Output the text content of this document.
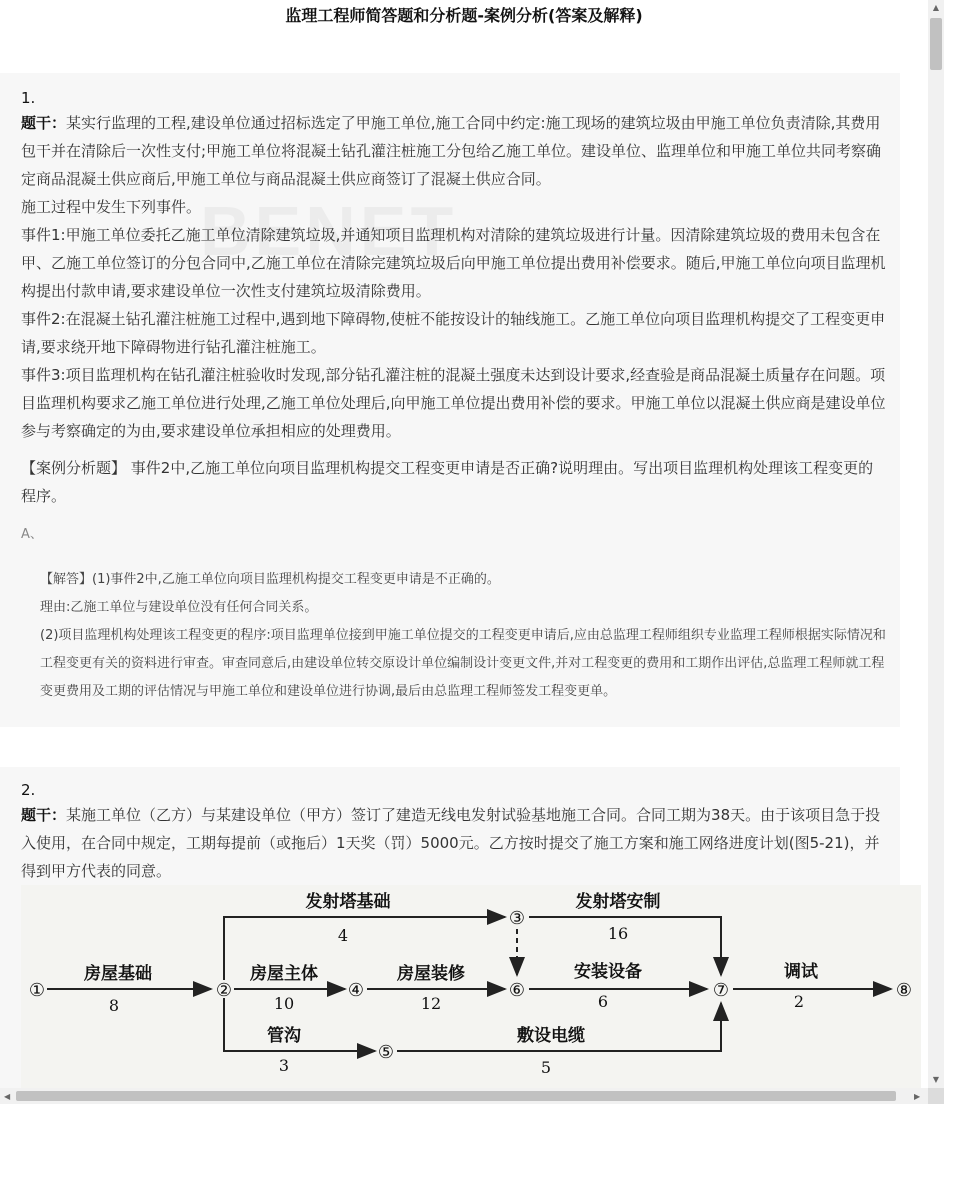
监理工程师简答题和分析题-案例分析(答案及解释)
1.

题干：某实行监理的工程,建设单位通过招标选定了甲施工单位,施工合同中约定:施工现场的建筑垃圾由甲施工单位负责清除,其费用包干并在清除后一次性支付;甲施工单位将混凝土钻孔灌注桩施工分包给乙施工单位。建设单位、监理单位和甲施工单位共同考察确定商品混凝土供应商后,甲施工单位与商品混凝土供应商签订了混凝土供应合同。

施工过程中发生下列事件。

事件1:甲施工单位委托乙施工单位清除建筑垃圾,并通知项目监理机构对清除的建筑垃圾进行计量。因清除建筑垃圾的费用未包含在甲、乙施工单位签订的分包合同中,乙施工单位在清除完建筑垃圾后向甲施工单位提出费用补偿要求。随后,甲施工单位向项目监理机构提出付款申请,要求建设单位一次性支付建筑垃圾清除费用。

事件2:在混凝土钻孔灌注桩施工过程中,遇到地下障碍物,使桩不能按设计的轴线施工。乙施工单位向项目监理机构提交了工程变更申请,要求绕开地下障碍物进行钻孔灌注桩施工。

事件3:项目监理机构在钻孔灌注桩验收时发现,部分钻孔灌注桩的混凝土强度未达到设计要求,经查验是商品混凝土质量存在问题。项目监理机构要求乙施工单位进行处理,乙施工单位处理后,向甲施工单位提出费用补偿的要求。甲施工单位以混凝土供应商是建设单位参与考察确定的为由,要求建设单位承担相应的处理费用。

【案例分析题】 事件2中,乙施工单位向项目监理机构提交工程变更申请是否正确?说明理由。写出项目监理机构处理该工程变更的程序。
A、

【解答】(1)事件2中,乙施工单位向项目监理机构提交工程变更申请是不正确的。

理由:乙施工单位与建设单位没有任何合同关系。

(2)项目监理机构处理该工程变更的程序:项目监理单位接到甲施工单位提交的工程变更申请后,应由总监理工程师组织专业监理工程师根据实际情况和工程变更有关的资料进行审查。审查同意后,由建设单位转交原设计单位编制设计变更文件,并对工程变更的费用和工期作出评估,总监理工程师就工程变更费用及工期的评估情况与甲施工单位和建设单位进行协调,最后由总监理工程师签发工程变更单。

2.

题干：某施工单位（乙方）与某建设单位（甲方）签订了建造无线电发射试验基地施工合同。合同工期为38天。由于该项目急于投入使用，在合同中规定，工期每提前（或拖后）1天奖（罚）5000元。乙方按时提交了施工方案和施工网络进度计划(图5-21)，并得到甲方代表的同意。

①	②
③
④
⑤
⑥	⑦	⑧
房屋基础
发射塔基础	发射塔安制
房屋主体	房屋装修	安装设备	调试
管沟	敷设电缆
8
4	16
10	12	6	2
3	5
▲
▼
◀	▶
